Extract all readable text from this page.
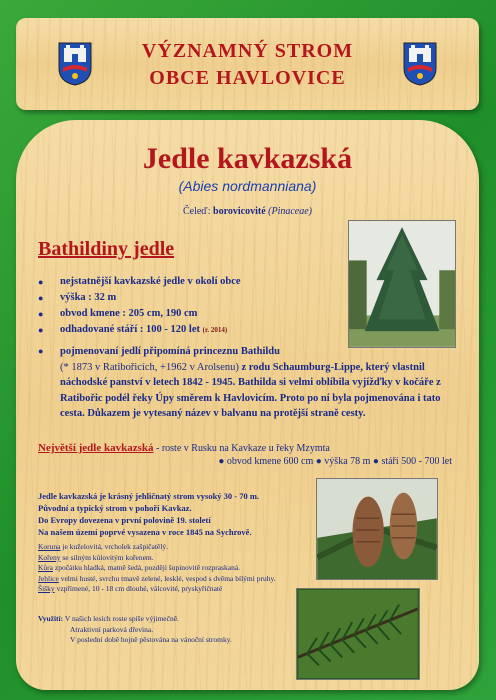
VÝZNAMNÝ STROM
OBCE HAVLOVICE
Jedle kavkazská
(Abies nordmanniana)
Čeleď: borovicovité (Pinaceae)
Bathildiny jedle
● nejstatnější kavkazské jedle v okolí obce
● výška : 32 m
● obvod kmene : 205 cm, 190 cm
● odhadované stáří : 100 - 120 let (r. 2014)
● pojmenovaní jedlí připomíná princeznu Bathildu
(* 1873 v Ratibořicích, +1962 v Arolsenu) z rodu Schaumburg-Lippe, který vlastnil náchodské panství v letech 1842 - 1945. Bathilda si velmi oblíbila vyjížďky v kočáře z Ratibořic podél řeky Úpy směrem k Havlovicím. Proto po ní byla pojmenována i tato cesta. Důkazem je vytesaný název v balvanu na protější straně cesty.
Největší jedle kavkazská - roste v Rusku na Kavkaze u řeky Mzymta
● obvod kmene 600 cm ● výška 78 m ● stáří 500 - 700 let
Jedle kavkazská je krásný jehličnatý strom vysoký 30 - 70 m.
Původní a typický strom v pohoří Kavkaz.
Do Evropy dovezena v první polovině 19. století
Na našem území poprvé vysazena v roce 1845 na Sychrově.
Koruna je kuželovitá, vrcholek zašpičatělý.
Kořeny se silným kůlovitým kořenem.
Kůra zpočátku hladká, matně šedá, později šupinovitě rozpraskaná.
Jehlice velmi husté, svrchu tmavě zelené, lesklé, vespod s dvěma bílými pruhy.
Šišky vzpřímené, 10 - 18 cm dlouhé, válcovité, pryskyřičnaté
Využití: V našich lesích roste spíše výjimečně.
Atraktivní parková dřevina.
V poslední době hojně pěstována na vánoční stromky.
